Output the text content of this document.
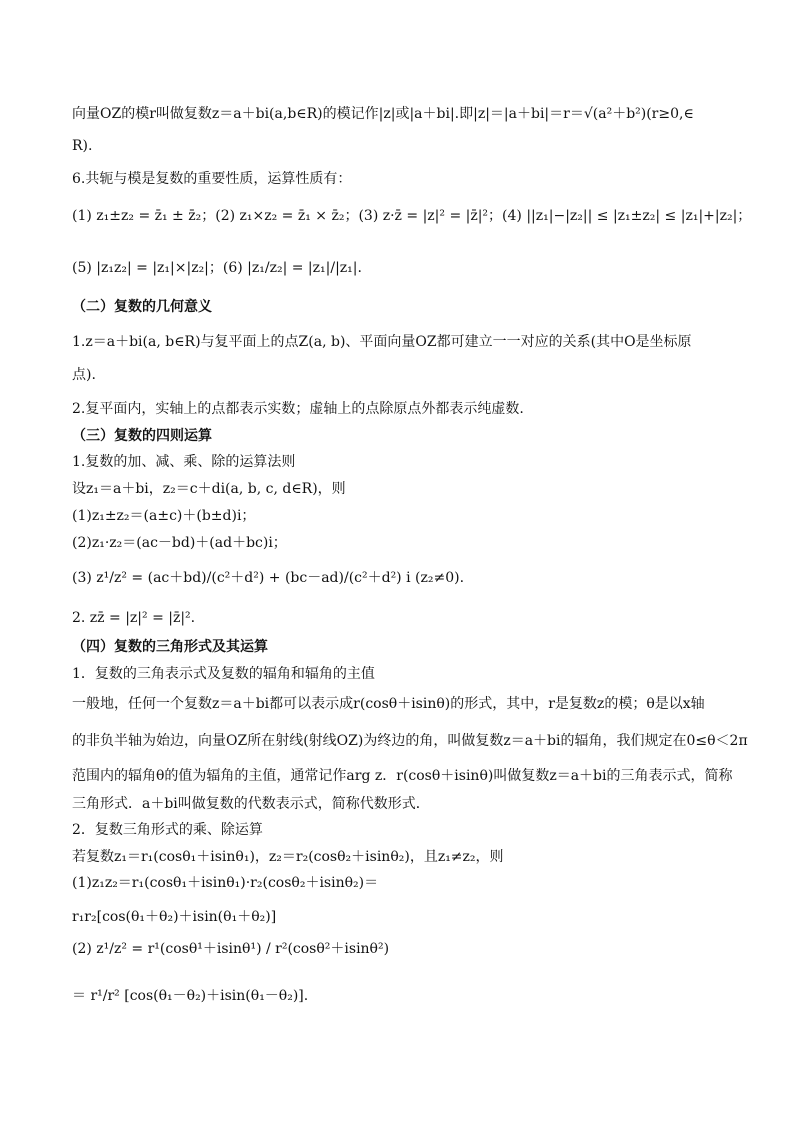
向量OZ的模r叫做复数z＝a＋bi(a,b∈R)的模记作|z|或|a＋bi|.即|z|＝|a＋bi|＝r＝√(a²＋b²)(r≥0,∈
R).
6.共轭与模是复数的重要性质，运算性质有：
(1) z₁±z₂ = z̄₁ ± z̄₂；(2) z₁×z₂ = z̄₁ × z̄₂；(3) z·z̄ = |z|² = |z̄|²；(4) ||z₁|−|z₂|| ≤ |z₁±z₂| ≤ |z₁|+|z₂|；
(5) |z₁z₂| = |z₁|×|z₂|；(6) |z₁/z₂| = |z₁|/|z₁|.
（二）复数的几何意义
1.z＝a＋bi(a, b∈R)与复平面上的点Z(a, b)、平面向量OZ都可建立一一对应的关系(其中O是坐标原
点).
2.复平面内，实轴上的点都表示实数；虚轴上的点除原点外都表示纯虚数.
（三）复数的四则运算
1.复数的加、减、乘、除的运算法则
设z₁＝a＋bi，z₂＝c＋di(a, b, c, d∈R)，则
(1)z₁±z₂＝(a±c)＋(b±d)i；
(2)z₁·z₂＝(ac－bd)＋(ad＋bc)i；
(3) z¹/z² = (ac＋bd)/(c²＋d²) + (bc－ad)/(c²＋d²) i (z₂≠0).
2. zz̄ = |z|² = |z̄|².
（四）复数的三角形式及其运算
1．复数的三角表示式及复数的辐角和辐角的主值
一般地，任何一个复数z＝a＋bi都可以表示成r(cosθ＋isinθ)的形式，其中，r是复数z的模；θ是以x轴
的非负半轴为始边，向量OZ所在射线(射线OZ)为终边的角，叫做复数z＝a＋bi的辐角，我们规定在0≤θ＜2π
范围内的辐角θ的值为辐角的主值，通常记作arg z．r(cosθ＋isinθ)叫做复数z＝a＋bi的三角表示式，简称
三角形式．a＋bi叫做复数的代数表示式，简称代数形式．
2．复数三角形式的乘、除运算
若复数z₁＝r₁(cosθ₁＋isinθ₁)，z₂＝r₂(cosθ₂＋isinθ₂)，且z₁≠z₂，则
(1)z₁z₂＝r₁(cosθ₁＋isinθ₁)·r₂(cosθ₂＋isinθ₂)＝
r₁r₂[cos(θ₁＋θ₂)＋isin(θ₁＋θ₂)]
(2) z¹/z² = r¹(cosθ¹＋isinθ¹) / r²(cosθ²＋isinθ²)
＝ r¹/r² [cos(θ₁－θ₂)＋isin(θ₁－θ₂)].
